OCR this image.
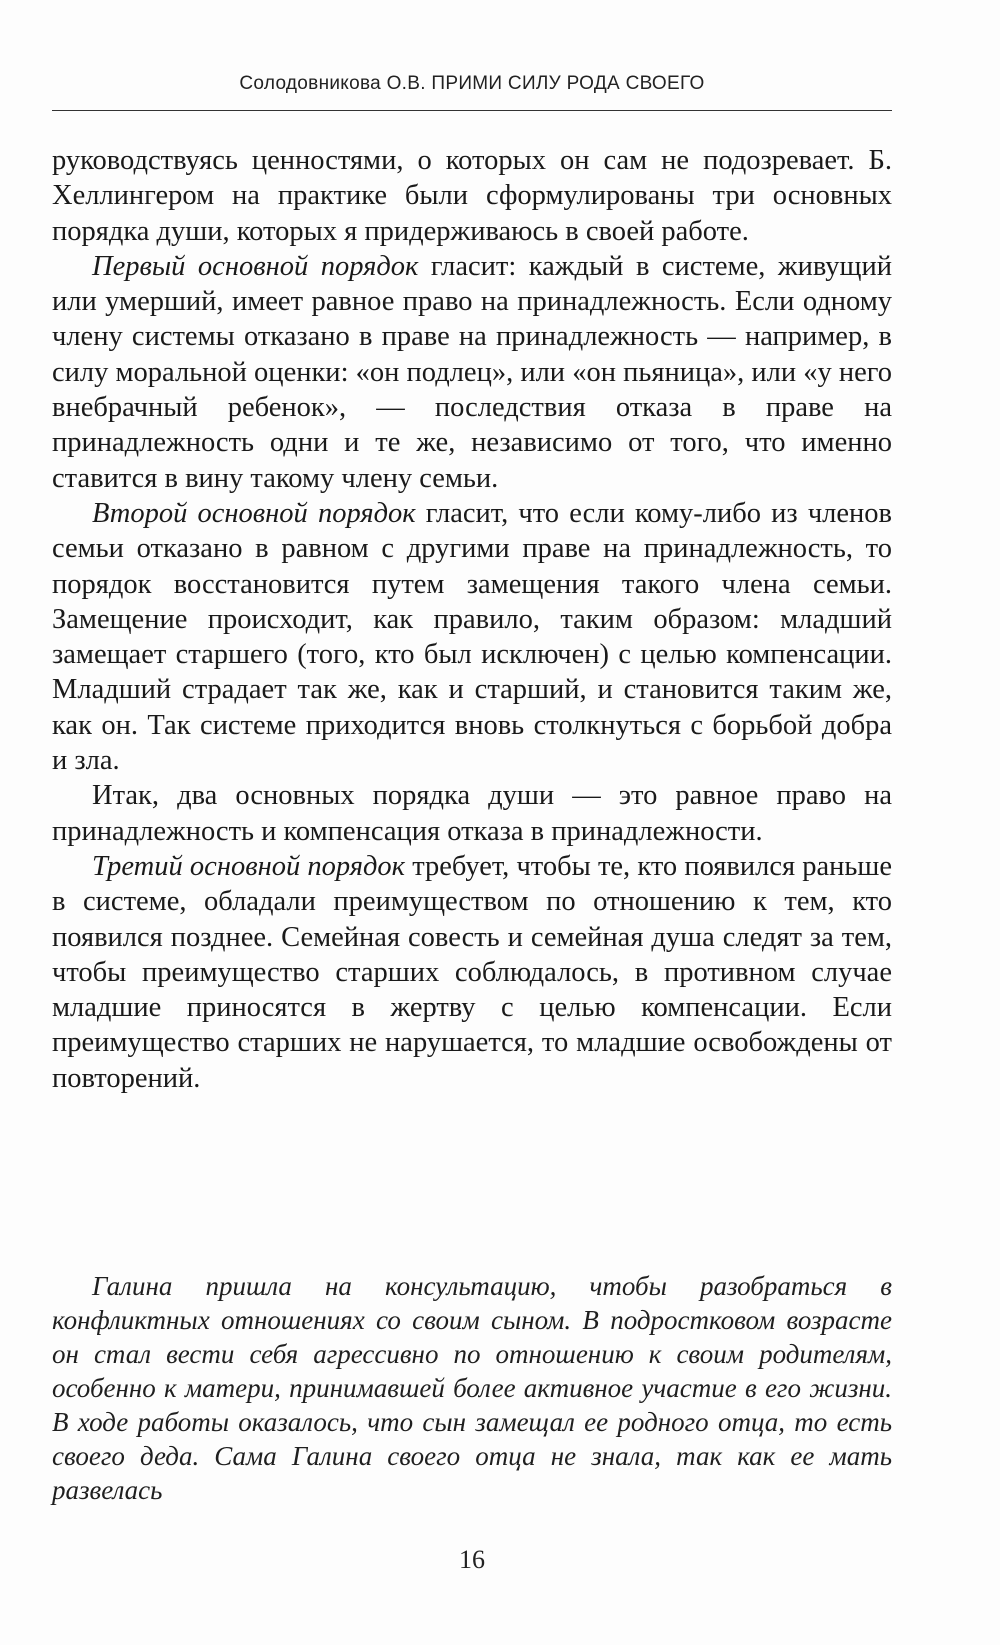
Солодовникова О.В. ПРИМИ СИЛУ РОДА СВОЕГО

руководствуясь ценностями, о которых он сам не подозревает. Б. Хеллингером на практике были сформулированы три основных порядка души, которых я придерживаюсь в своей работе.

Первый основной порядок гласит: каждый в системе, живущий или умерший, имеет равное право на принадлежность. Если одному члену системы отказано в праве на принадлежность — например, в силу моральной оценки: «он подлец», или «он пьяница», или «у него внебрачный ребенок», — последствия отказа в праве на принадлежность одни и те же, независимо от того, что именно ставится в вину такому члену семьи.

Второй основной порядок гласит, что если кому-либо из членов семьи отказано в равном с другими праве на принадлежность, то порядок восстановится путем замещения такого члена семьи. Замещение происходит, как правило, таким образом: младший замещает старшего (того, кто был исключен) с целью компенсации. Младший страдает так же, как и старший, и становится таким же, как он. Так системе приходится вновь столкнуться с борьбой добра и зла.

Итак, два основных порядка души — это равное право на принадлежность и компенсация отказа в принадлежности.

Третий основной порядок требует, чтобы те, кто появился раньше в системе, обладали преимуществом по отношению к тем, кто появился позднее. Семейная совесть и семейная душа следят за тем, чтобы преимущество старших соблюдалось, в противном случае младшие приносятся в жертву с целью компенсации. Если преимущество старших не нарушается, то младшие освобождены от повторений.

Галина пришла на консультацию, чтобы разобраться в конфликтных отношениях со своим сыном. В подростковом возрасте он стал вести себя агрессивно по отношению к своим родителям, особенно к матери, принимавшей более активное участие в его жизни. В ходе работы оказалось, что сын замещал ее родного отца, то есть своего деда. Сама Галина своего отца не знала, так как ее мать развелась

16
